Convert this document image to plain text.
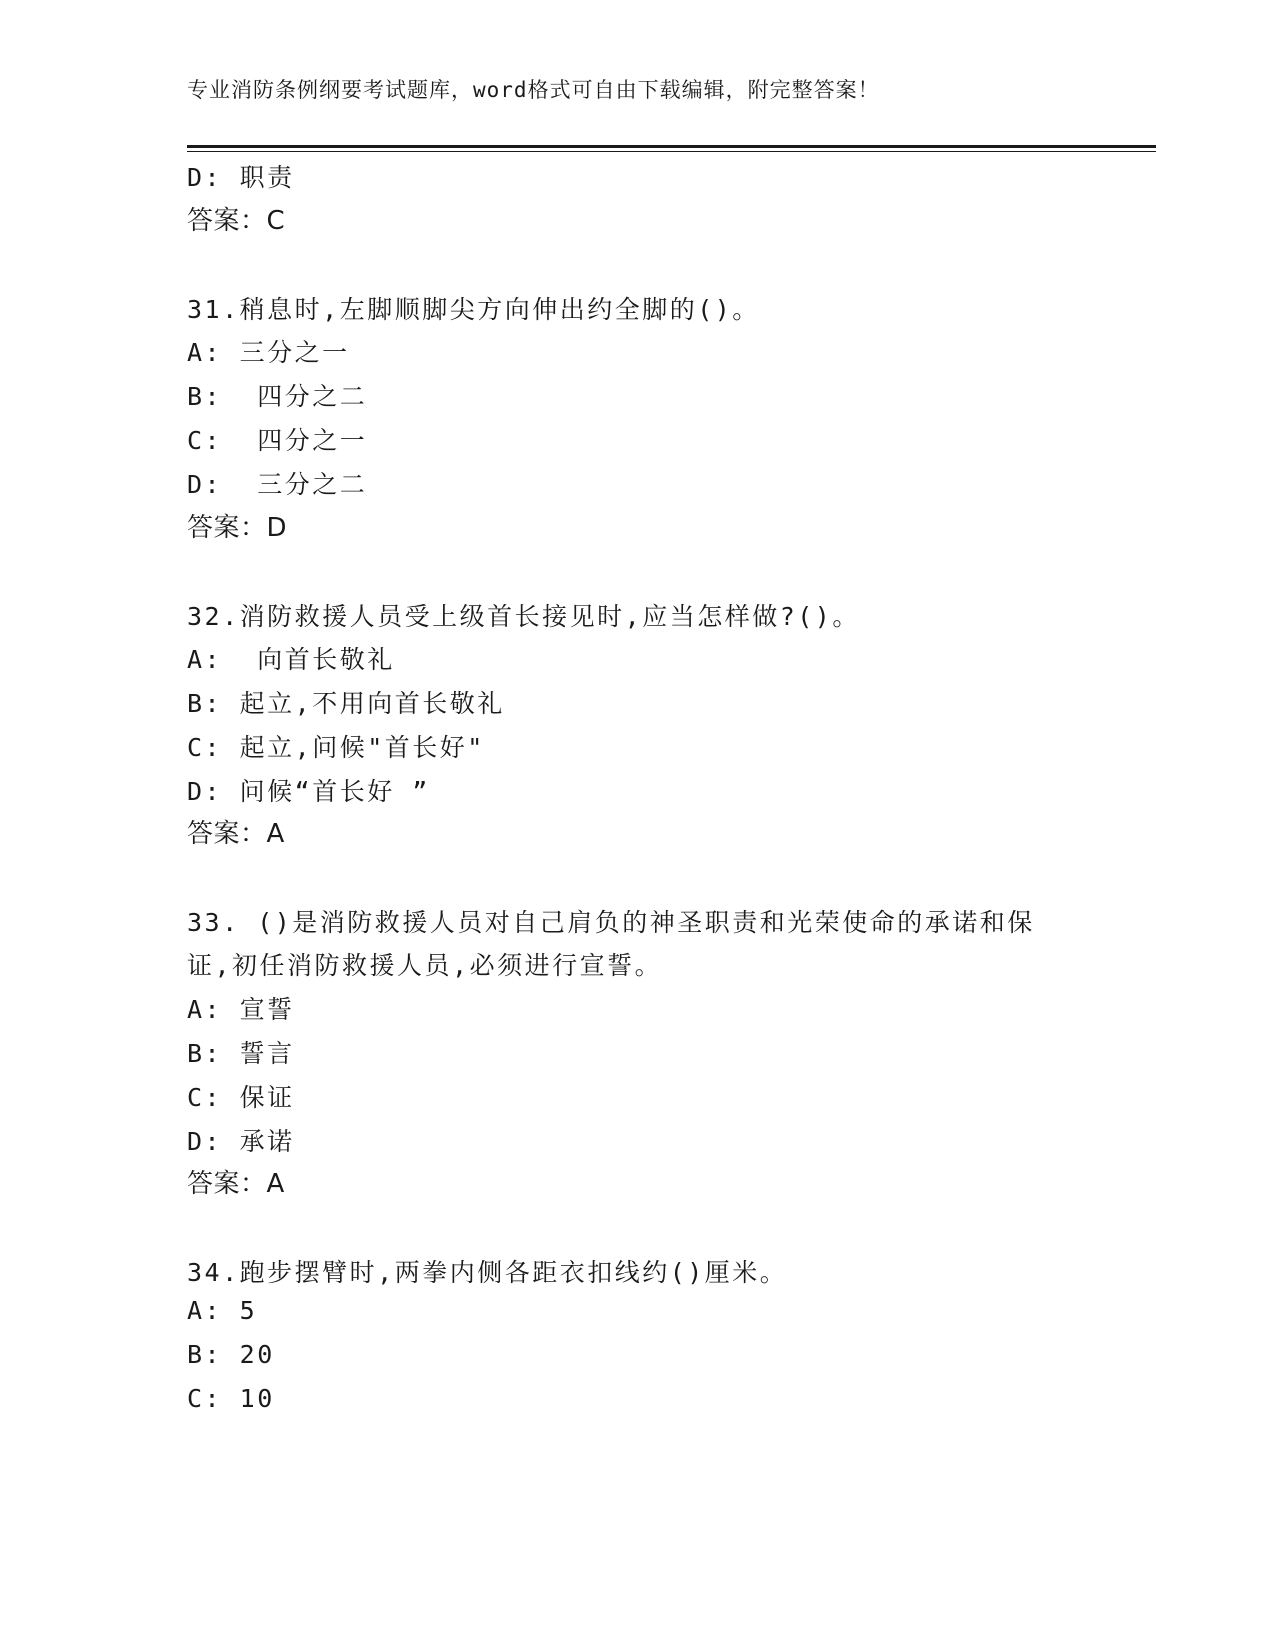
专业消防条例纲要考试题库，word格式可自由下载编辑，附完整答案！
D: 职责
答案：C
31.稍息时,左脚顺脚尖方向伸出约全脚的()。
A: 三分之一
B:  四分之二
C:  四分之一
D:  三分之二
答案：D
32.消防救援人员受上级首长接见时,应当怎样做?()。
A:  向首长敬礼
B: 起立,不用向首长敬礼
C: 起立,问候"首长好"
D: 问候“首长好 ”
答案：A
33. ()是消防救援人员对自己肩负的神圣职责和光荣使命的承诺和保
证,初任消防救援人员,必须进行宣誓。
A: 宣誓
B: 誓言
C: 保证
D: 承诺
答案：A
34.跑步摆臂时,两拳内侧各距衣扣线约()厘米。
A: 5
B: 20
C: 10
